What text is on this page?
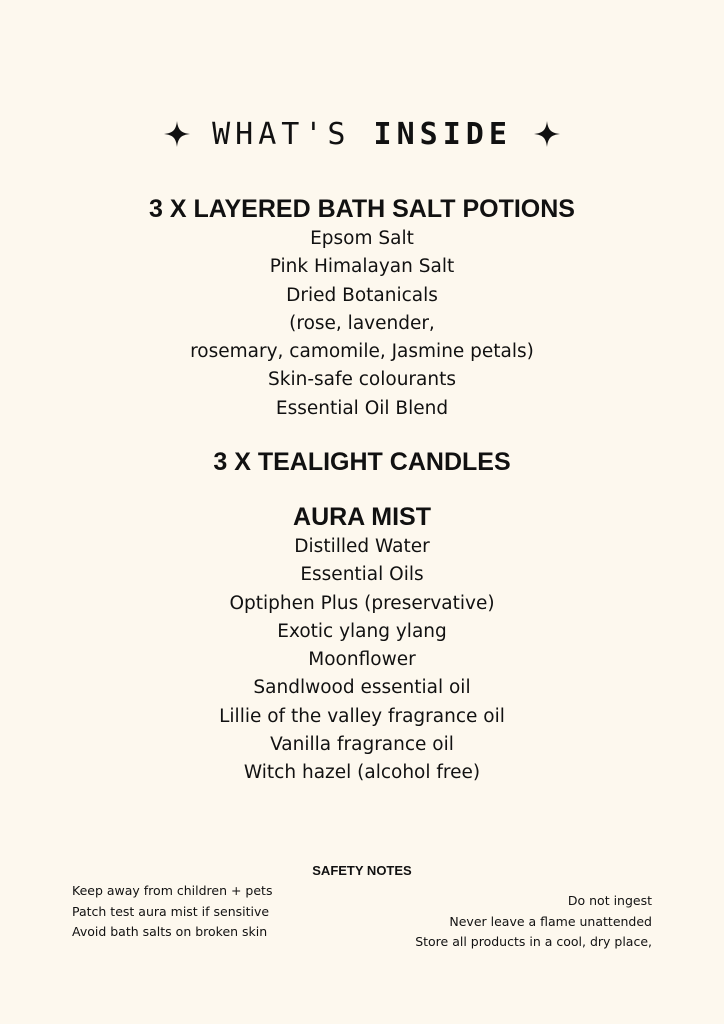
WHAT'S INSIDE
3 X LAYERED BATH SALT POTIONS

Epsom Salt

Pink Himalayan Salt

Dried Botanicals

(rose, lavender,

rosemary, camomile, Jasmine petals)

Skin-safe colourants

Essential Oil Blend

3 X TEALIGHT CANDLES
AURA MIST

Distilled Water

Essential Oils

Optiphen Plus (preservative)

Exotic ylang ylang

Moonflower

Sandlwood essential oil

Lillie of the valley fragrance oil

Vanilla fragrance oil

Witch hazel (alcohol free)

SAFETY NOTES

Keep away from children + pets

Patch test aura mist if sensitive

Avoid bath salts on broken skin

Do not ingest

Never leave a flame unattended

Store all products in a cool, dry place,
